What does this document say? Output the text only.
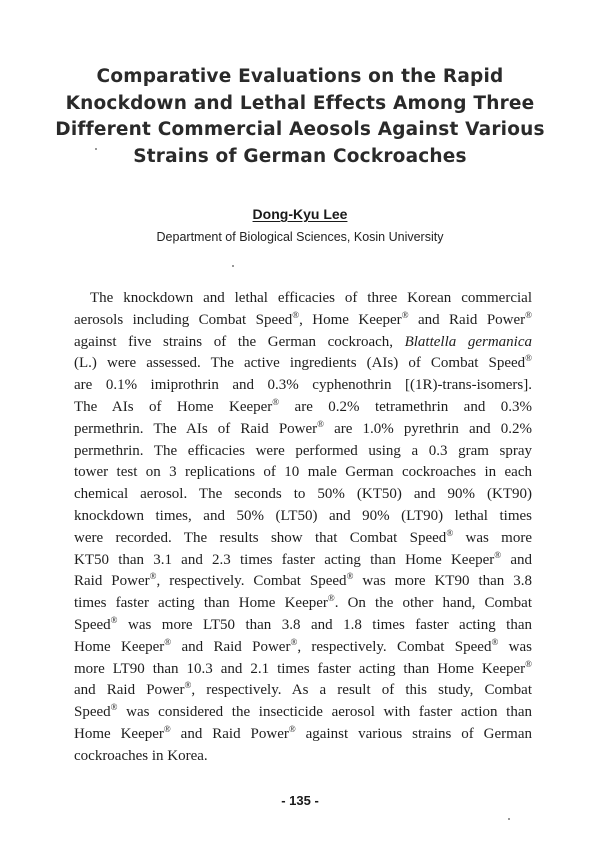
Comparative Evaluations on the Rapid
Knockdown and Lethal Effects Among Three
Different Commercial Aeosols Against Various
Strains of German Cockroaches
Dong-Kyu Lee
Department of Biological Sciences, Kosin University
The knockdown and lethal efficacies of three Korean commercial
aerosols including Combat Speed®, Home Keeper® and Raid Power®
against five strains of the German cockroach, Blattella germanica
(L.) were assessed. The active ingredients (AIs) of Combat Speed®
are 0.1% imiprothrin and 0.3% cyphenothrin [(1R)-trans-isomers].
The AIs of Home Keeper® are 0.2% tetramethrin and 0.3%
permethrin. The AIs of Raid Power® are 1.0% pyrethrin and 0.2%
permethrin. The efficacies were performed using a 0.3 gram spray
tower test on 3 replications of 10 male German cockroaches in each
chemical aerosol. The seconds to 50% (KT50) and 90% (KT90)
knockdown times, and 50% (LT50) and 90% (LT90) lethal times
were recorded. The results show that Combat Speed® was more
KT50 than 3.1 and 2.3 times faster acting than Home Keeper® and
Raid Power®, respectively. Combat Speed® was more KT90 than 3.8
times faster acting than Home Keeper®. On the other hand, Combat
Speed® was more LT50 than 3.8 and 1.8 times faster acting than
Home Keeper® and Raid Power®, respectively. Combat Speed® was
more LT90 than 10.3 and 2.1 times faster acting than Home Keeper®
and Raid Power®, respectively. As a result of this study, Combat
Speed® was considered the insecticide aerosol with faster action than
Home Keeper® and Raid Power® against various strains of German
cockroaches in Korea.
- 135 -
